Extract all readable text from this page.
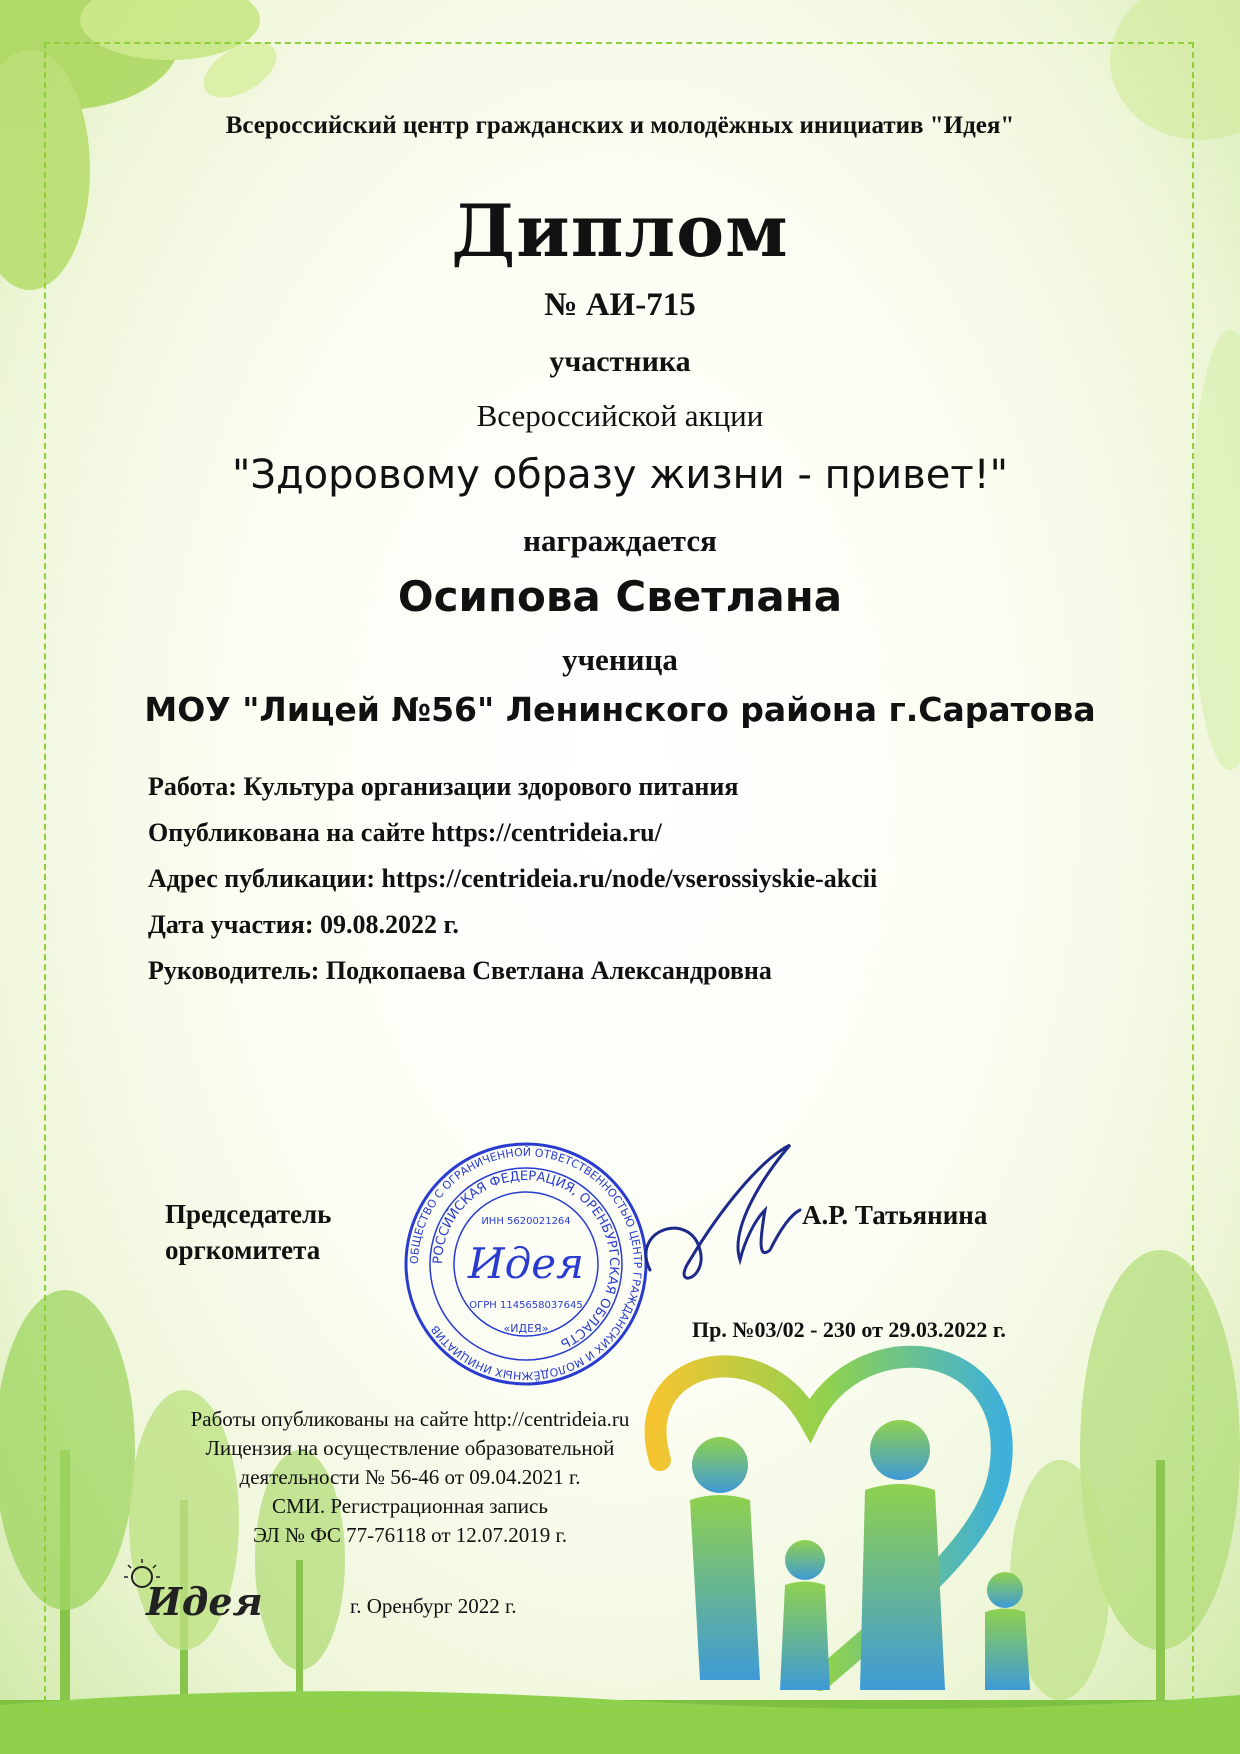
Всероссийский центр гражданских и молодёжных инициатив "Идея"
Диплом
№ АИ-715
участника
Всероссийской акции
"Здоровому образу жизни - привет!"
награждается
Осипова Светлана
ученица
МОУ "Лицей №56" Ленинского района г.Саратова
Работа: Культура организации здорового питания
Опубликована на сайте https://centrideia.ru/
Адрес публикации: https://centrideia.ru/node/vserossiyskie-akcii
Дата участия: 09.08.2022 г.
Руководитель: Подкопаева Светлана Александровна
Председатель
оргкомитета	ОБЩЕСТВО С ОГРАНИЧЕННОЙ ОТВЕТСТВЕННОСТЬЮ ЦЕНТР ГРАЖДАНСКИХ И МОЛОДЁЖНЫХ ИНИЦИАТИВ
РОССИЙСКАЯ ФЕДЕРАЦИЯ, ОРЕНБУРГСКАЯ ОБЛАСТЬ
ИНН 5620021264
Идея
ОГРН 1145658037645
«ИДЕЯ»
А.Р. Татьянина
Пр. №03/02 - 230 от 29.03.2022 г.
Работы опубликованы на сайте http://centrideia.ru
Лицензия на осуществление образовательной
деятельности № 56-46 от 09.04.2021 г.
СМИ. Регистрационная запись
ЭЛ № ФС 77-76118 от 12.07.2019 г.
Идея	г. Оренбург 2022 г.
